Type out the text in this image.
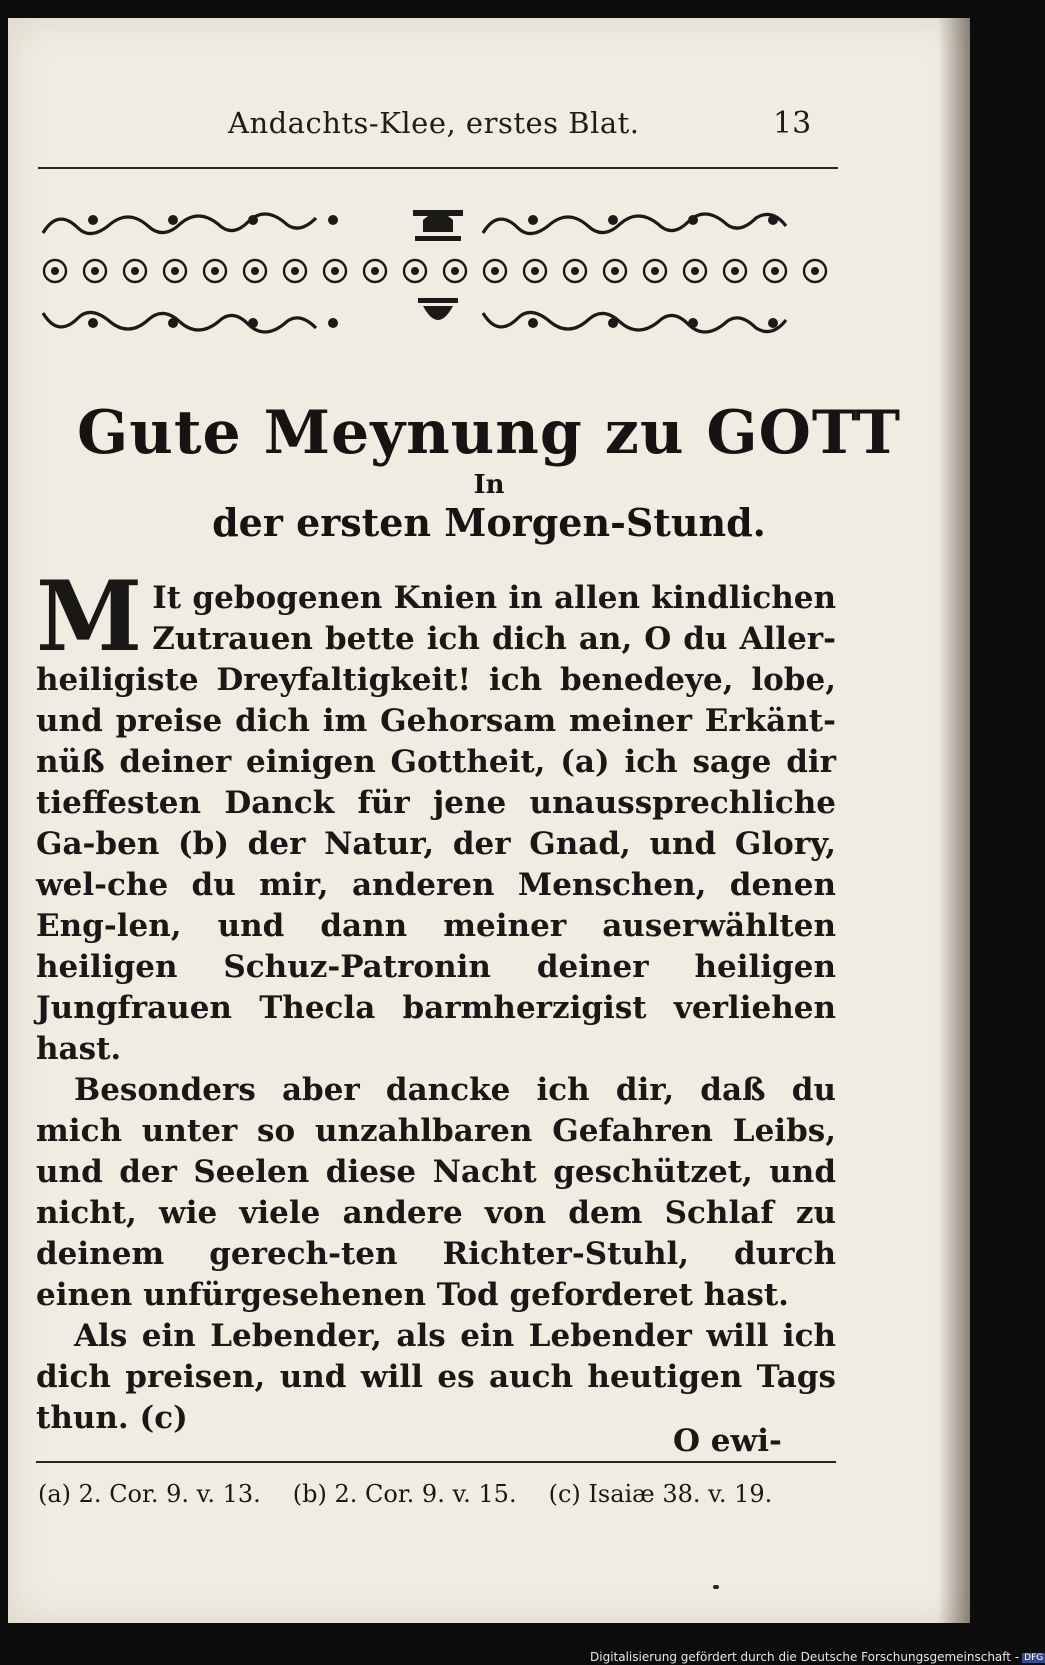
Andachts-Klee, erstes Blat.	13
Gute Meynung zu GOTT
In
der ersten Morgen-Stund.

M It gebogenen Knien in allen kindlichen Zutrauen bette ich dich an, O du Aller-heiligiste Dreyfaltigkeit! ich benedeye, lobe, und preise dich im Gehorsam meiner Erkänt-nüß deiner einigen Gottheit, (a) ich sage dir tieffesten Danck für jene unaussprechliche Ga-ben (b) der Natur, der Gnad, und Glory, wel-che du mir, anderen Menschen, denen Eng-len, und dann meiner auserwählten heiligen Schuz-Patronin deiner heiligen Jungfrauen Thecla barmherzigist verliehen hast.

Besonders aber dancke ich dir, daß du mich unter so unzahlbaren Gefahren Leibs, und der Seelen diese Nacht geschützet, und nicht, wie viele andere von dem Schlaf zu deinem gerech-ten Richter-Stuhl, durch einen unfürgesehenen Tod geforderet hast.

Als ein Lebender, als ein Lebender will ich dich preisen, und will es auch heutigen Tags thun. (c)

O ewi-
(a) 2. Cor. 9. v. 13. (b) 2. Cor. 9. v. 15. (c) Isaiæ 38. v. 19.
Digitalisierung gefördert durch die Deutsche Forschungsgemeinschaft - DFG
